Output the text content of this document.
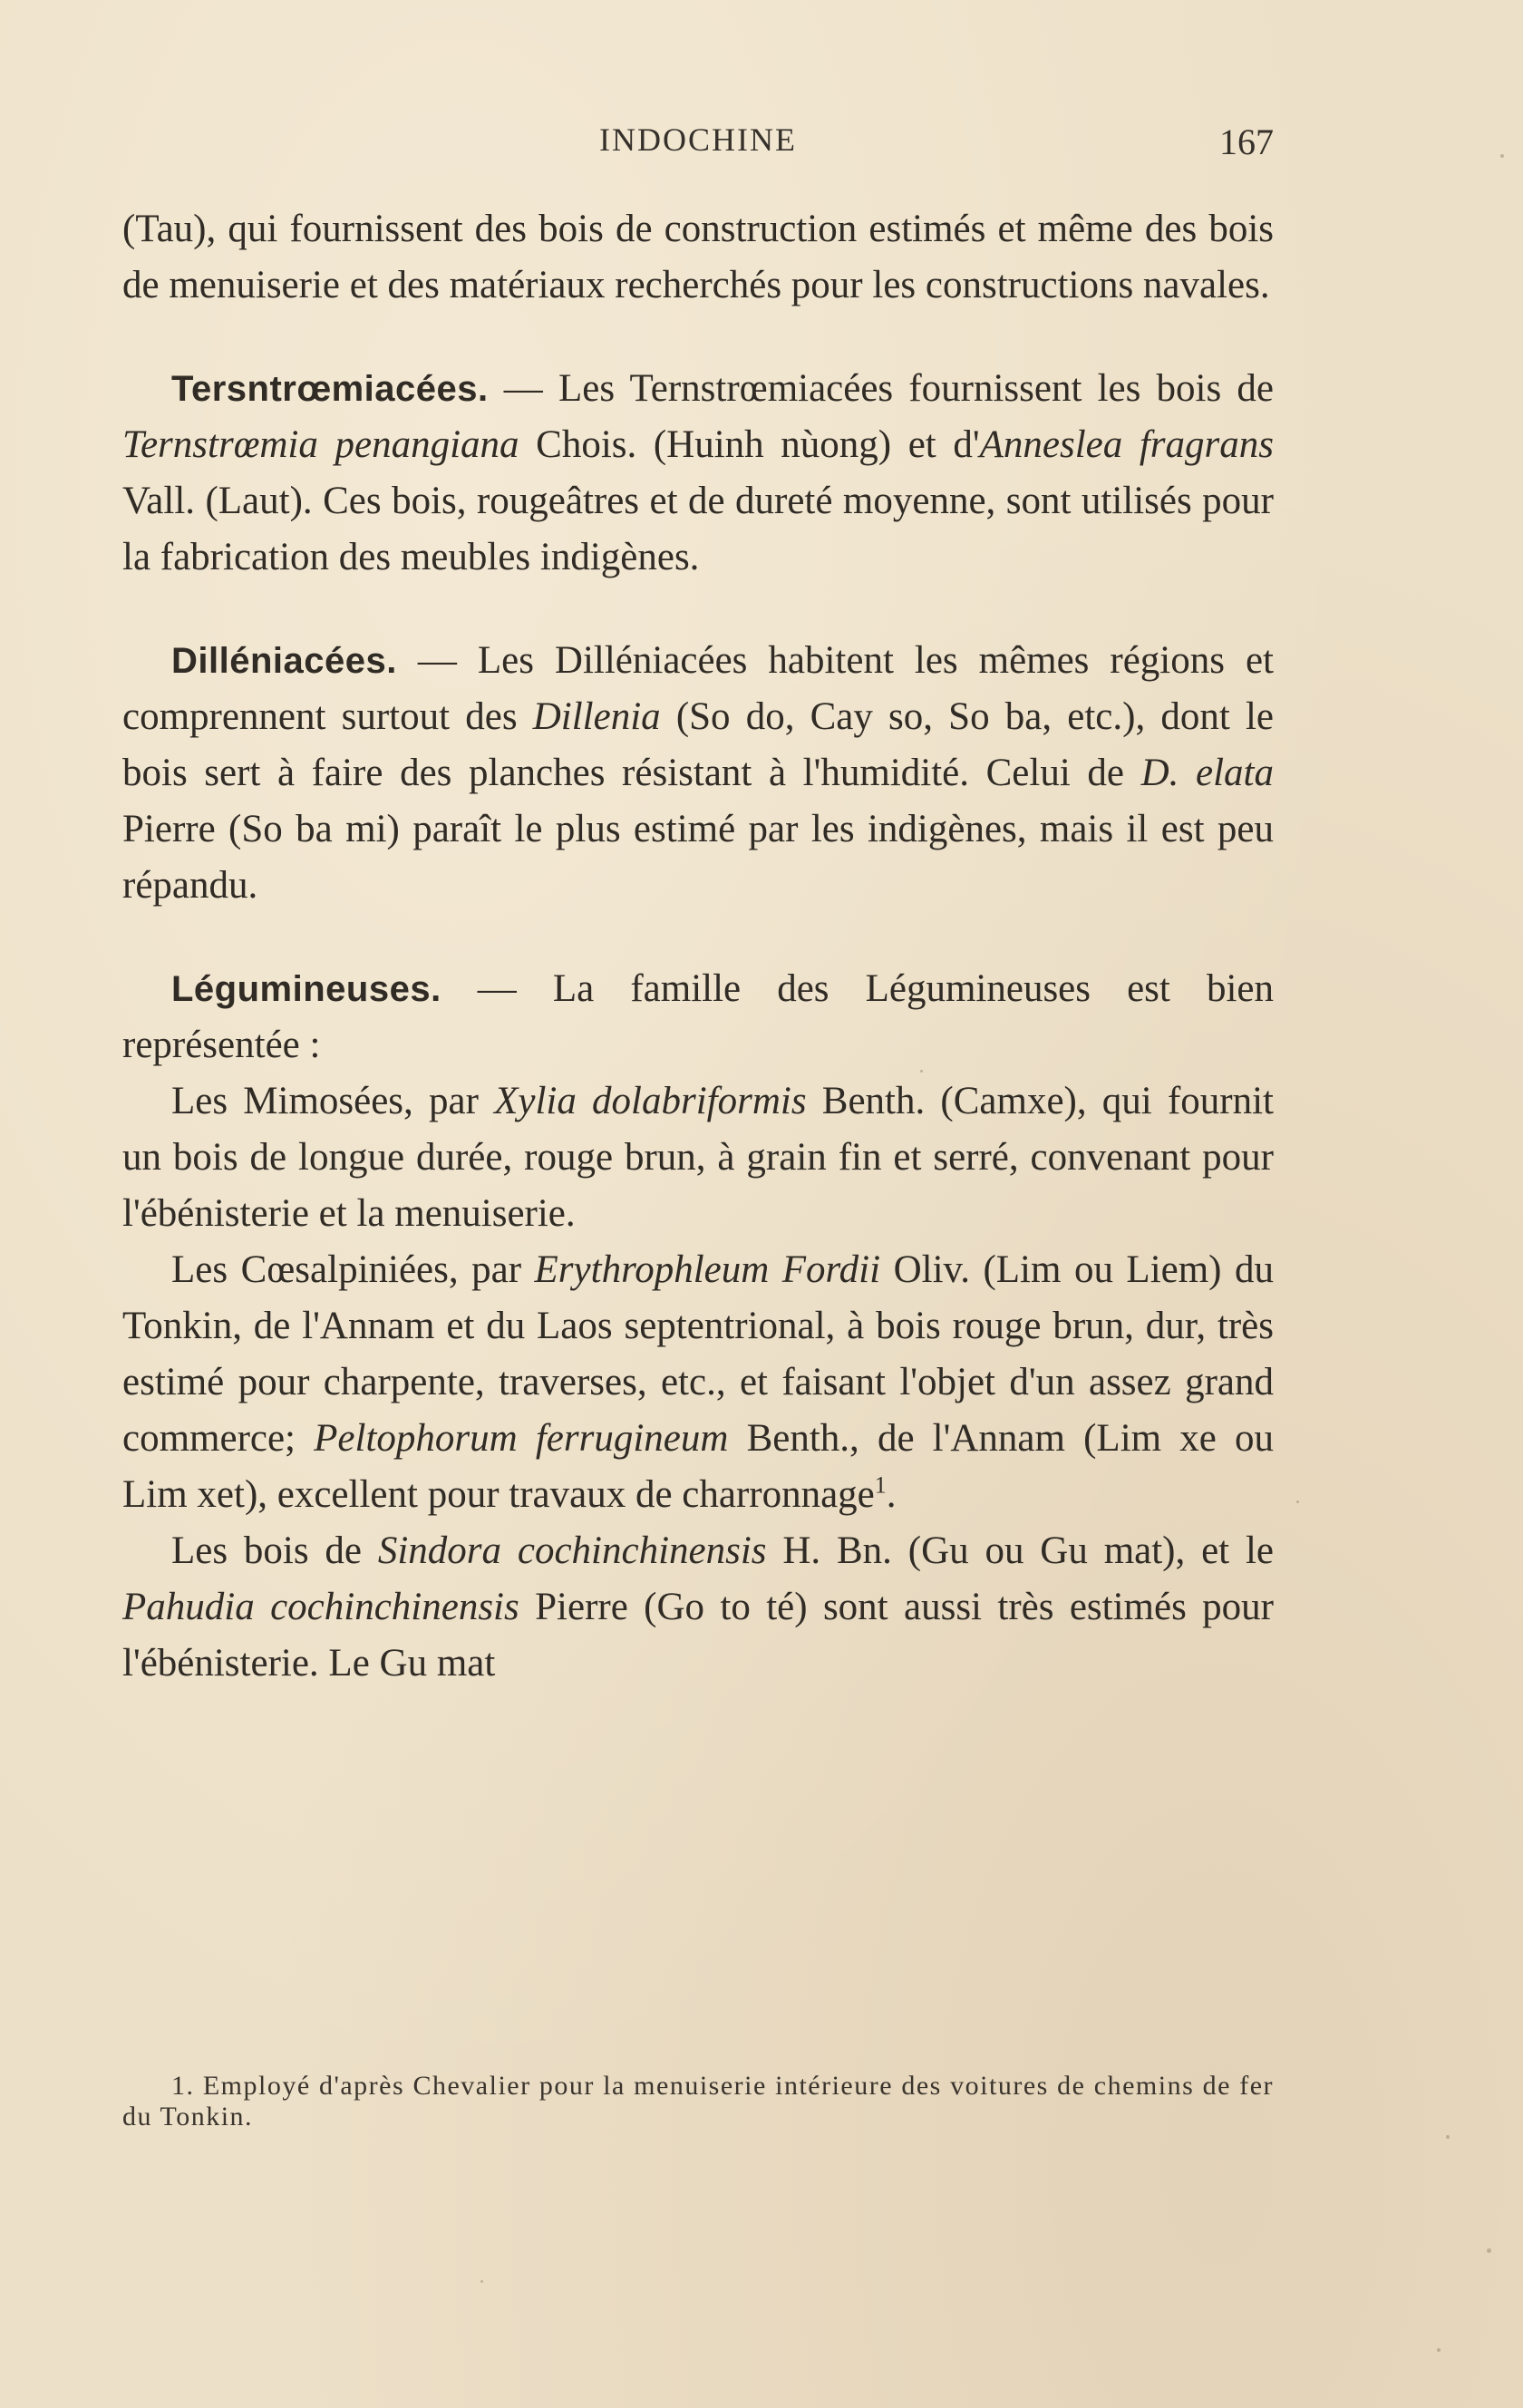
INDOCHINE	167

(Tau), qui fournissent des bois de construction estimés et même des bois de menuiserie et des matériaux recherchés pour les constructions navales.

Tersntrœmiacées. — Les Ternstrœmiacées fournissent les bois de Ternstrœmia penangiana Chois. (Huinh nùong) et d'Anneslea fragrans Vall. (Laut). Ces bois, rougeâtres et de dureté moyenne, sont utilisés pour la fabrication des meubles indigènes.

Dilléniacées. — Les Dilléniacées habitent les mêmes régions et comprennent surtout des Dillenia (So do, Cay so, So ba, etc.), dont le bois sert à faire des planches résistant à l'humidité. Celui de D. elata Pierre (So ba mi) paraît le plus estimé par les indigènes, mais il est peu répandu.

Légumineuses. — La famille des Légumineuses est bien représentée :

Les Mimosées, par Xylia dolabriformis Benth. (Camxe), qui fournit un bois de longue durée, rouge brun, à grain fin et serré, convenant pour l'ébénisterie et la menuiserie.

Les Cœsalpiniées, par Erythrophleum Fordii Oliv. (Lim ou Liem) du Tonkin, de l'Annam et du Laos septentrional, à bois rouge brun, dur, très estimé pour charpente, traverses, etc., et faisant l'objet d'un assez grand commerce; Peltophorum ferrugineum Benth., de l'Annam (Lim xe ou Lim xet), excellent pour travaux de charronnage$^1$.

Les bois de Sindora cochinchinensis H. Bn. (Gu ou Gu mat), et le Pahudia cochinchinensis Pierre (Go to té) sont aussi très estimés pour l'ébénisterie. Le Gu mat

1. Employé d'après Chevalier pour la menuiserie intérieure des voitures de chemins de fer du Tonkin.
